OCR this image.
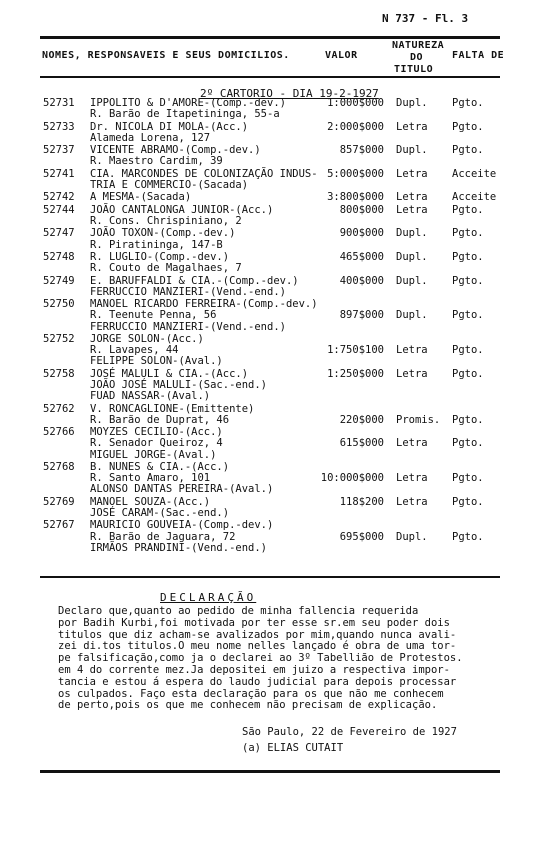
N 737 - Fl. 3
NOMES, RESPONSAVEIS E SEUS DOMICILIOS.	VALOR
NATUREZA
DO
TITULO
FALTA DE
2º CARTORIO - DIA 19-2-1927
52731 IPPOLITO & D'AMORE-(Comp.-dev.)
R. Barão de Itapetininga, 55-a
1:000$000 Dupl. Pgto.
52733 Dr. NICOLA DI MOLA-(Acc.)
Alameda Lorena, 127
2:000$000 Letra Pgto.
52737 VICENTE ABRAMO-(Comp.-dev.)
R. Maestro Cardim, 39
857$000 Dupl. Pgto.
52741 CIA. MARCONDES DE COLONIZAÇÃO INDUS-
TRIA E COMMERCIO-(Sacada)
5:000$000 Letra Acceite
52742 A MESMA-(Sacada)	3:800$000 Letra Acceite
52744 JOÃO CANTALONGA JUNIOR-(Acc.)
R. Cons. Chrispiniano, 2
800$000 Letra Pgto.
52747 JOÃO TOXON-(Comp.-dev.)
R. Piratininga, 147-B
900$000 Dupl. Pgto.
52748 R. LUGLIO-(Comp.-dev.)
R. Couto de Magalhaes, 7
465$000 Dupl. Pgto.
52749 E. BARUFFALDI & CIA.-(Comp.-dev.)
FERRUCCIO MANZIERI-(Vend.-end.)
400$000 Dupl. Pgto.
52750 MANOEL RICARDO FERREIRA-(Comp.-dev.)
R. Teenute Penna, 56
FERRUCCIO MANZIERI-(Vend.-end.)
897$000 Dupl. Pgto.
52752 JORGE SOLON-(Acc.)
R. Lavapes, 44
FELIPPE SOLON-(Aval.)
1:750$100 Letra Pgto.
52758 JOSÉ MALULI & CIA.-(Acc.)
JOÃO JOSÉ MALULI-(Sac.-end.)
FUAD NASSAR-(Aval.)
1:250$000 Letra Pgto.
52762 V. RONCAGLIONE-(Emittente)
R. Barão de Duprat, 46	220$000 Promis. Pgto.
52766 MOYZES CECILIO-(Acc.)
R. Senador Queiroz, 4
MIGUEL JORGE-(Aval.)
615$000 Letra Pgto.
52768 B. NUNES & CIA.-(Acc.)
R. Santo Amaro, 101
ALONSO DANTAS PEREIRA-(Aval.)
10:000$000 Letra Pgto.
52769 MANOEL SOUZA-(Acc.)
JOSÉ CARAM-(Sac.-end.)
118$200 Letra Pgto.
52767 MAURICIO GOUVEIA-(Comp.-dev.)
R. Barão de Jaguara, 72
IRMÃOS PRANDINI-(Vend.-end.)
695$000 Dupl. Pgto.
DECLARAÇÃO
Declaro que,quanto ao pedido de minha fallencia requerida
por Badih Kurbi,foi motivada por ter esse sr.em seu poder dois
titulos que diz acham-se avalizados por mim,quando nunca avali-
zei di.tos titulos.O meu nome nelles lançado é obra de uma tor-
pe falsificação,como ja o declarei ao 3º Tabellião de Protestos.
em 4 do corrente mez.Ja depositei em juizo a respectiva impor-
tancia e estou á espera do laudo judicial para depois processar
os culpados. Faço esta declaração para os que não me conhecem
de perto,pois os que me conhecem não precisam de explicação.
São Paulo, 22 de Fevereiro de 1927
(a) ELIAS CUTAIT
